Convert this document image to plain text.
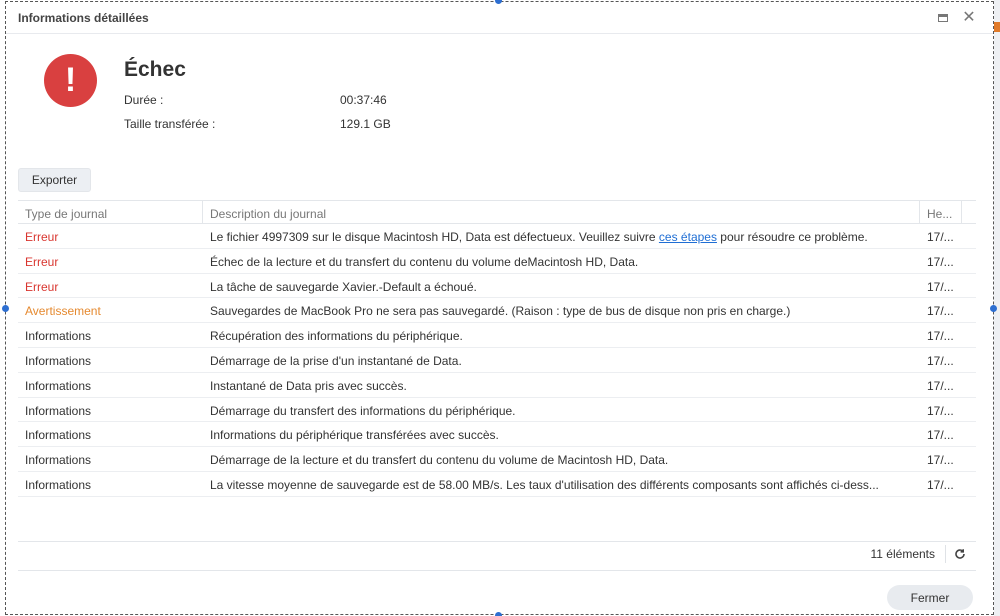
Informations détaillées	✕
!	Échec
Durée :	00:37:46
Taille transférée :	129.1 GB
Exporter
Type de journal	Description du journal	He...
Erreur	Le fichier 4997309 sur le disque Macintosh HD, Data est défectueux. Veuillez suivre ces étapes pour résoudre ce problème.	17/...
Erreur	Échec de la lecture et du transfert du contenu du volume deMacintosh HD, Data.	17/...
Erreur	La tâche de sauvegarde Xavier.-Default a échoué.	17/...
Avertissement	Sauvegardes de MacBook Pro ne sera pas sauvegardé. (Raison : type de bus de disque non pris en charge.)	17/...
Informations	Récupération des informations du périphérique.	17/...
Informations	Démarrage de la prise d'un instantané de Data.	17/...
Informations	Instantané de Data pris avec succès.	17/...
Informations	Démarrage du transfert des informations du périphérique.	17/...
Informations	Informations du périphérique transférées avec succès.	17/...
Informations	Démarrage de la lecture et du transfert du contenu du volume de Macintosh HD, Data.	17/...
Informations	La vitesse moyenne de sauvegarde est de 58.00 MB/s. Les taux d'utilisation des différents composants sont affichés ci-dess...	17/...
11 éléments
Fermer
